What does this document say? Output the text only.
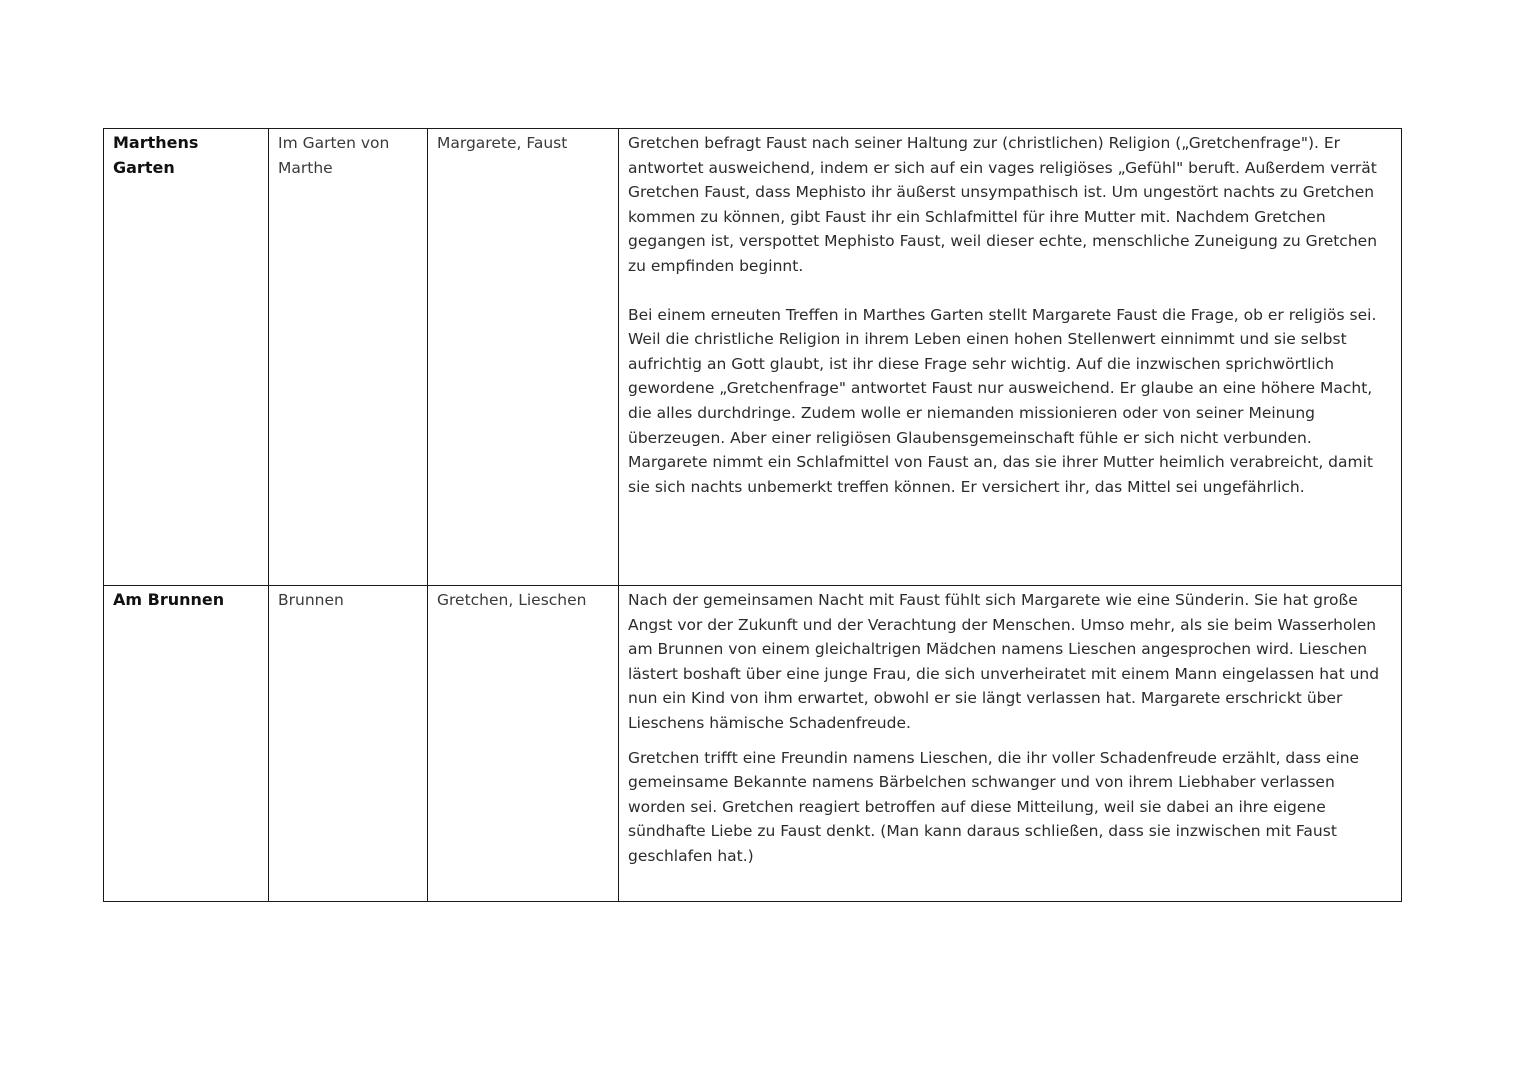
Marthens Garten	Im Garten von Marthe	Margarete, Faust	Gretchen befragt Faust nach seiner Haltung zur (christlichen) Religion („Gretchenfrage"). Er antwortet ausweichend, indem er sich auf ein vages religiöses „Gefühl" beruft. Außerdem verrät Gretchen Faust, dass Mephisto ihr äußerst unsympathisch ist. Um ungestört nachts zu Gretchen kommen zu können, gibt Faust ihr ein Schlafmittel für ihre Mutter mit. Nachdem Gretchen gegangen ist, verspottet Mephisto Faust, weil dieser echte, menschliche Zuneigung zu Gretchen zu empfinden beginnt.

Bei einem erneuten Treffen in Marthes Garten stellt Margarete Faust die Frage, ob er religiös sei. Weil die christliche Religion in ihrem Leben einen hohen Stellenwert einnimmt und sie selbst aufrichtig an Gott glaubt, ist ihr diese Frage sehr wichtig. Auf die inzwischen sprichwörtlich gewordene „Gretchenfrage" antwortet Faust nur ausweichend. Er glaube an eine höhere Macht, die alles durchdringe. Zudem wolle er niemanden missionieren oder von seiner Meinung überzeugen. Aber einer religiösen Glaubensgemeinschaft fühle er sich nicht verbunden. Margarete nimmt ein Schlafmittel von Faust an, das sie ihrer Mutter heimlich verabreicht, damit sie sich nachts unbemerkt treffen können. Er versichert ihr, das Mittel sei ungefährlich.

Am Brunnen	Brunnen	Gretchen, Lieschen	Nach der gemeinsamen Nacht mit Faust fühlt sich Margarete wie eine Sünderin. Sie hat große Angst vor der Zukunft und der Verachtung der Menschen. Umso mehr, als sie beim Wasserholen am Brunnen von einem gleichaltrigen Mädchen namens Lieschen angesprochen wird. Lieschen lästert boshaft über eine junge Frau, die sich unverheiratet mit einem Mann eingelassen hat und nun ein Kind von ihm erwartet, obwohl er sie längt verlassen hat. Margarete erschrickt über Lieschens hämische Schadenfreude.

Gretchen trifft eine Freundin namens Lieschen, die ihr voller Schadenfreude erzählt, dass eine gemeinsame Bekannte namens Bärbelchen schwanger und von ihrem Liebhaber verlassen worden sei. Gretchen reagiert betroffen auf diese Mitteilung, weil sie dabei an ihre eigene sündhafte Liebe zu Faust denkt. (Man kann daraus schließen, dass sie inzwischen mit Faust geschlafen hat.)
